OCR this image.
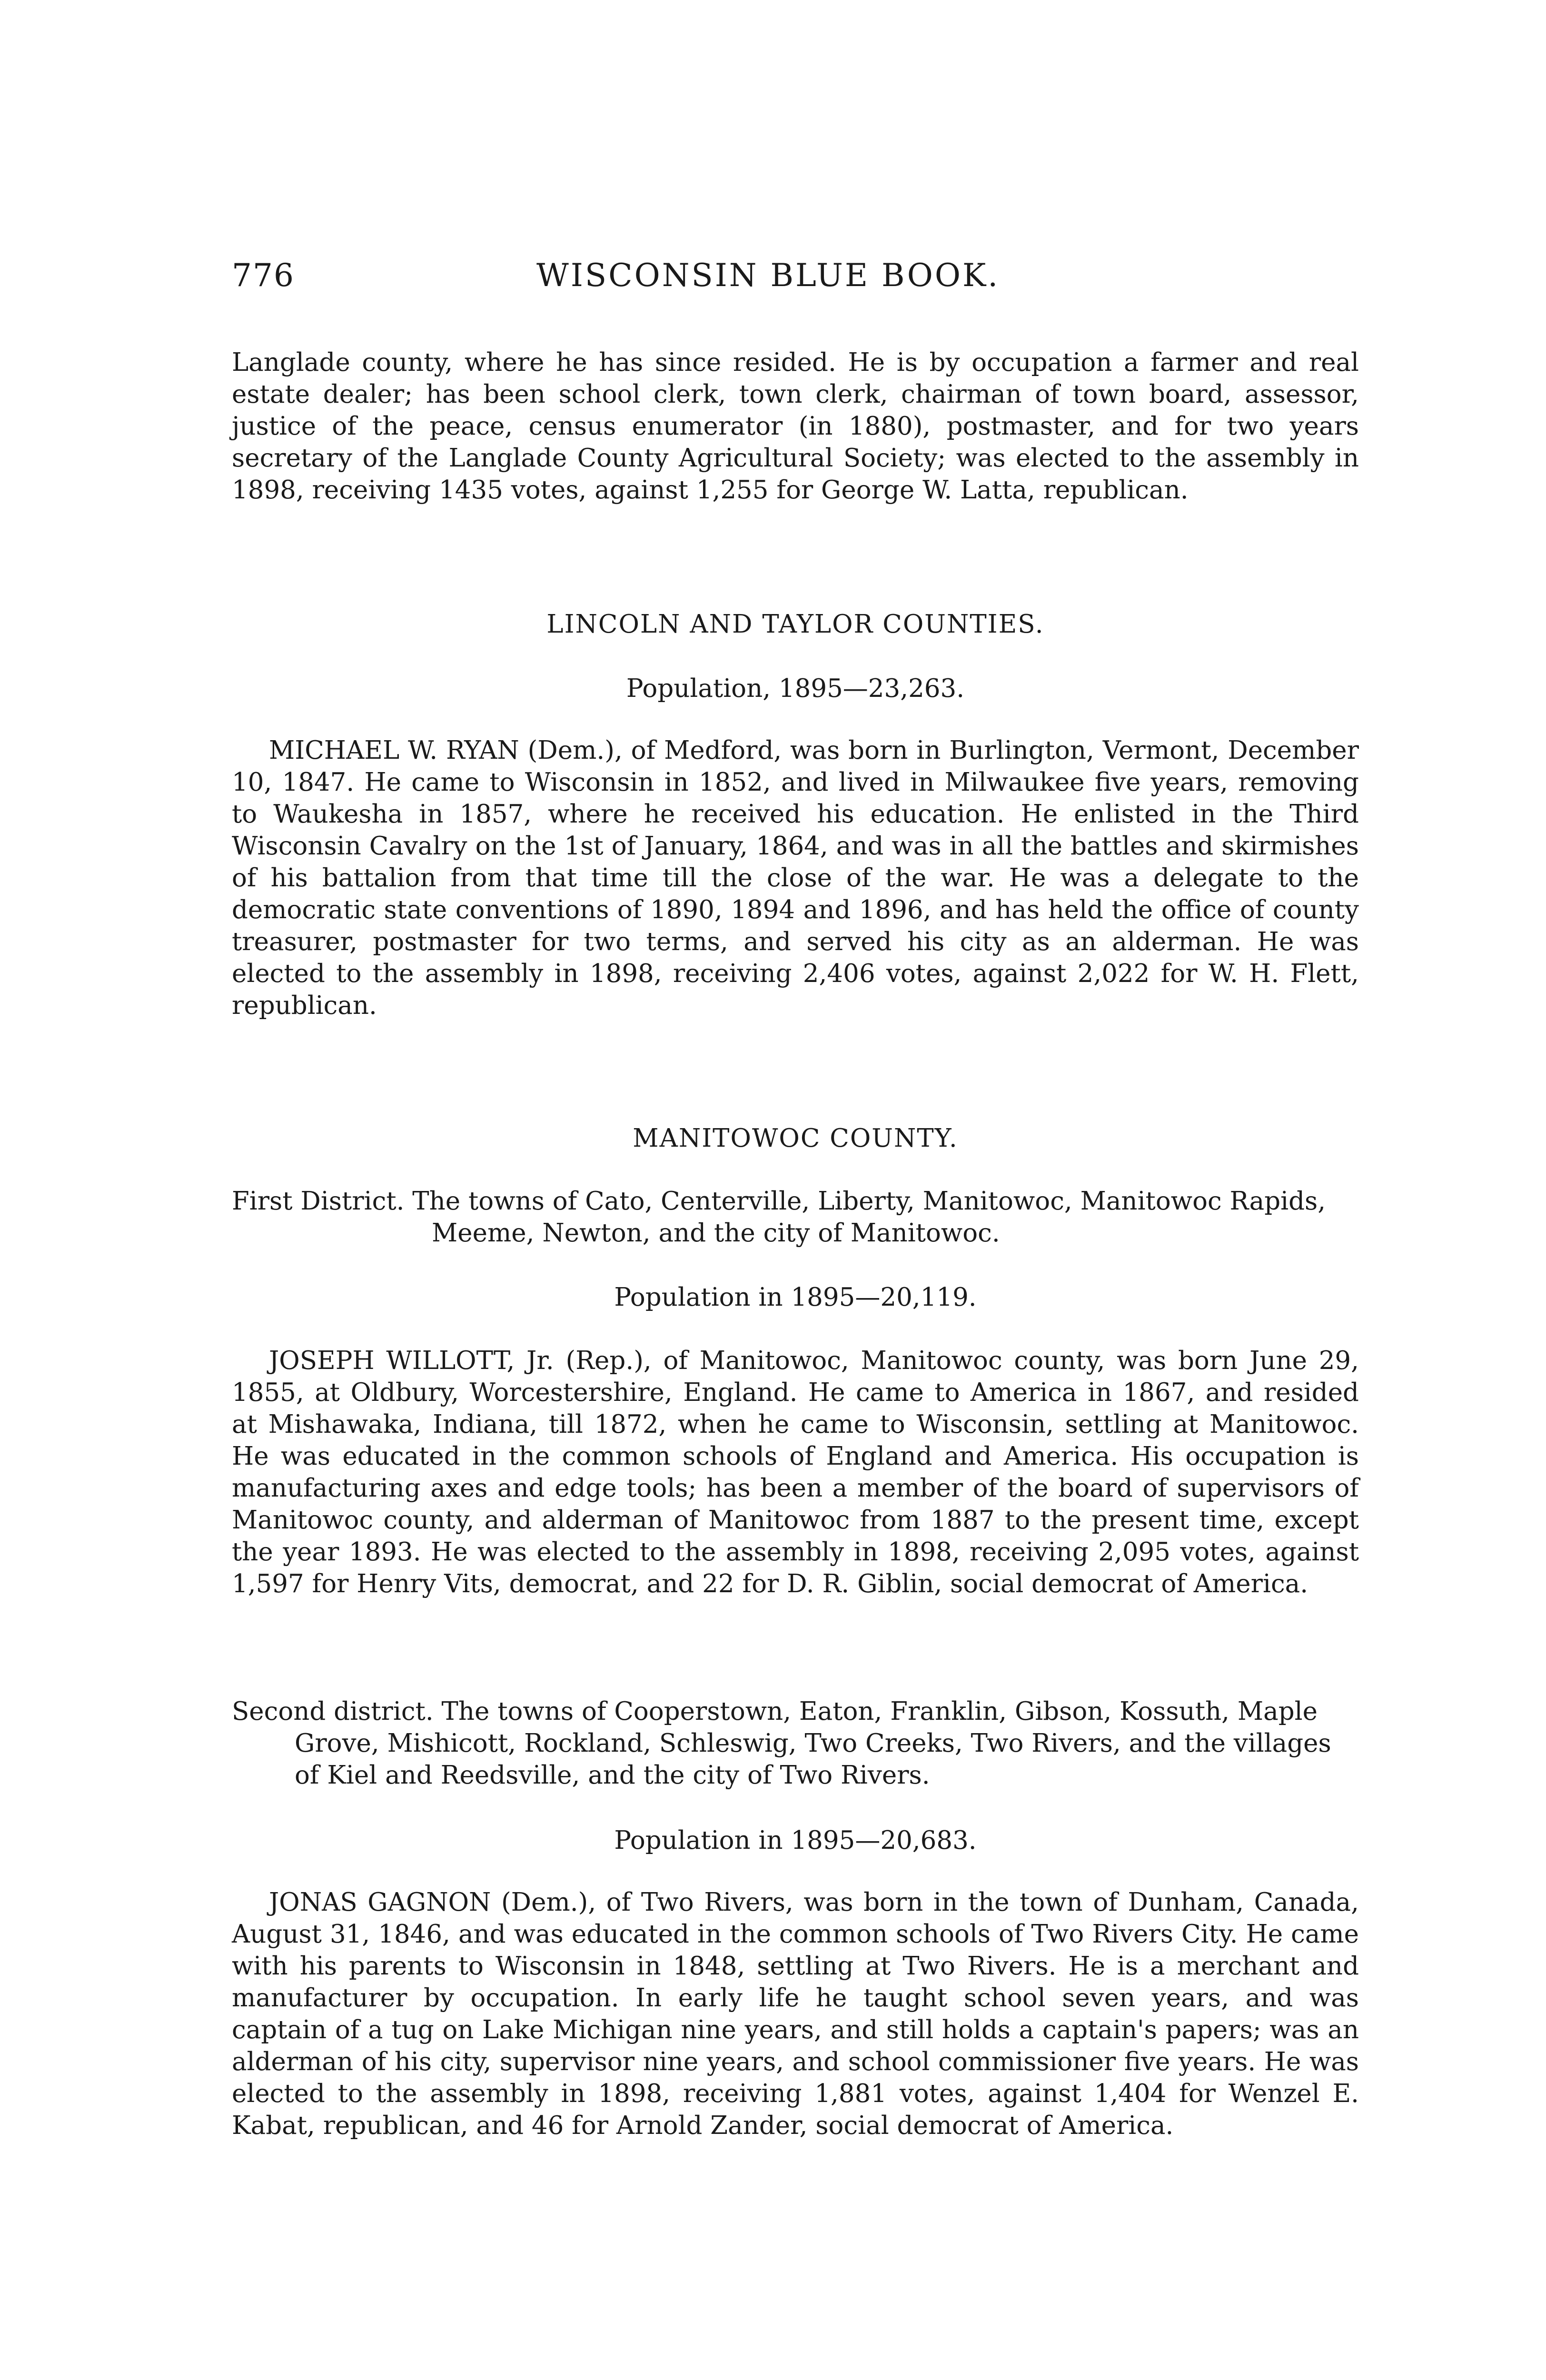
776	WISCONSIN BLUE BOOK.

Langlade county, where he has since resided. He is by occupation a farmer and real estate dealer; has been school clerk, town clerk, chairman of town board, assessor, justice of the peace, census enumerator (in 1880), postmaster, and for two years secretary of the Langlade County Agricultural Society; was elected to the assembly in 1898, receiving 1435 votes, against 1,255 for George W. Latta, republican.

LINCOLN AND TAYLOR COUNTIES.
Population, 1895—23,263.

MICHAEL W. RYAN (Dem.), of Medford, was born in Burlington, Vermont, December 10, 1847. He came to Wisconsin in 1852, and lived in Milwaukee five years, removing to Waukesha in 1857, where he received his education. He enlisted in the Third Wisconsin Cavalry on the 1st of January, 1864, and was in all the battles and skirmishes of his battalion from that time till the close of the war. He was a delegate to the democratic state conventions of 1890, 1894 and 1896, and has held the office of county treasurer, postmaster for two terms, and served his city as an alderman. He was elected to the assembly in 1898, receiving 2,406 votes, against 2,022 for W. H. Flett, republican.

MANITOWOC COUNTY.

First District. The towns of Cato, Centerville, Liberty, Manitowoc, Manitowoc Rapids, Meeme, Newton, and the city of Manitowoc.

Population in 1895—20,119.

JOSEPH WILLOTT, Jr. (Rep.), of Manitowoc, Manitowoc county, was born June 29, 1855, at Oldbury, Worcestershire, England. He came to America in 1867, and resided at Mishawaka, Indiana, till 1872, when he came to Wisconsin, settling at Manitowoc. He was educated in the common schools of England and America. His occupation is manufacturing axes and edge tools; has been a member of the board of supervisors of Manitowoc county, and alderman of Manitowoc from 1887 to the present time, except the year 1893. He was elected to the assembly in 1898, receiving 2,095 votes, against 1,597 for Henry Vits, democrat, and 22 for D. R. Giblin, social democrat of America.

Second district. The towns of Cooperstown, Eaton, Franklin, Gibson, Kossuth, Maple Grove, Mishicott, Rockland, Schleswig, Two Creeks, Two Rivers, and the villages of Kiel and Reedsville, and the city of Two Rivers.

Population in 1895—20,683.

JONAS GAGNON (Dem.), of Two Rivers, was born in the town of Dunham, Canada, August 31, 1846, and was educated in the common schools of Two Rivers City. He came with his parents to Wisconsin in 1848, settling at Two Rivers. He is a merchant and manufacturer by occupation. In early life he taught school seven years, and was captain of a tug on Lake Michigan nine years, and still holds a captain's papers; was an alderman of his city, supervisor nine years, and school commissioner five years. He was elected to the assembly in 1898, receiving 1,881 votes, against 1,404 for Wenzel E. Kabat, republican, and 46 for Arnold Zander, social democrat of America.
